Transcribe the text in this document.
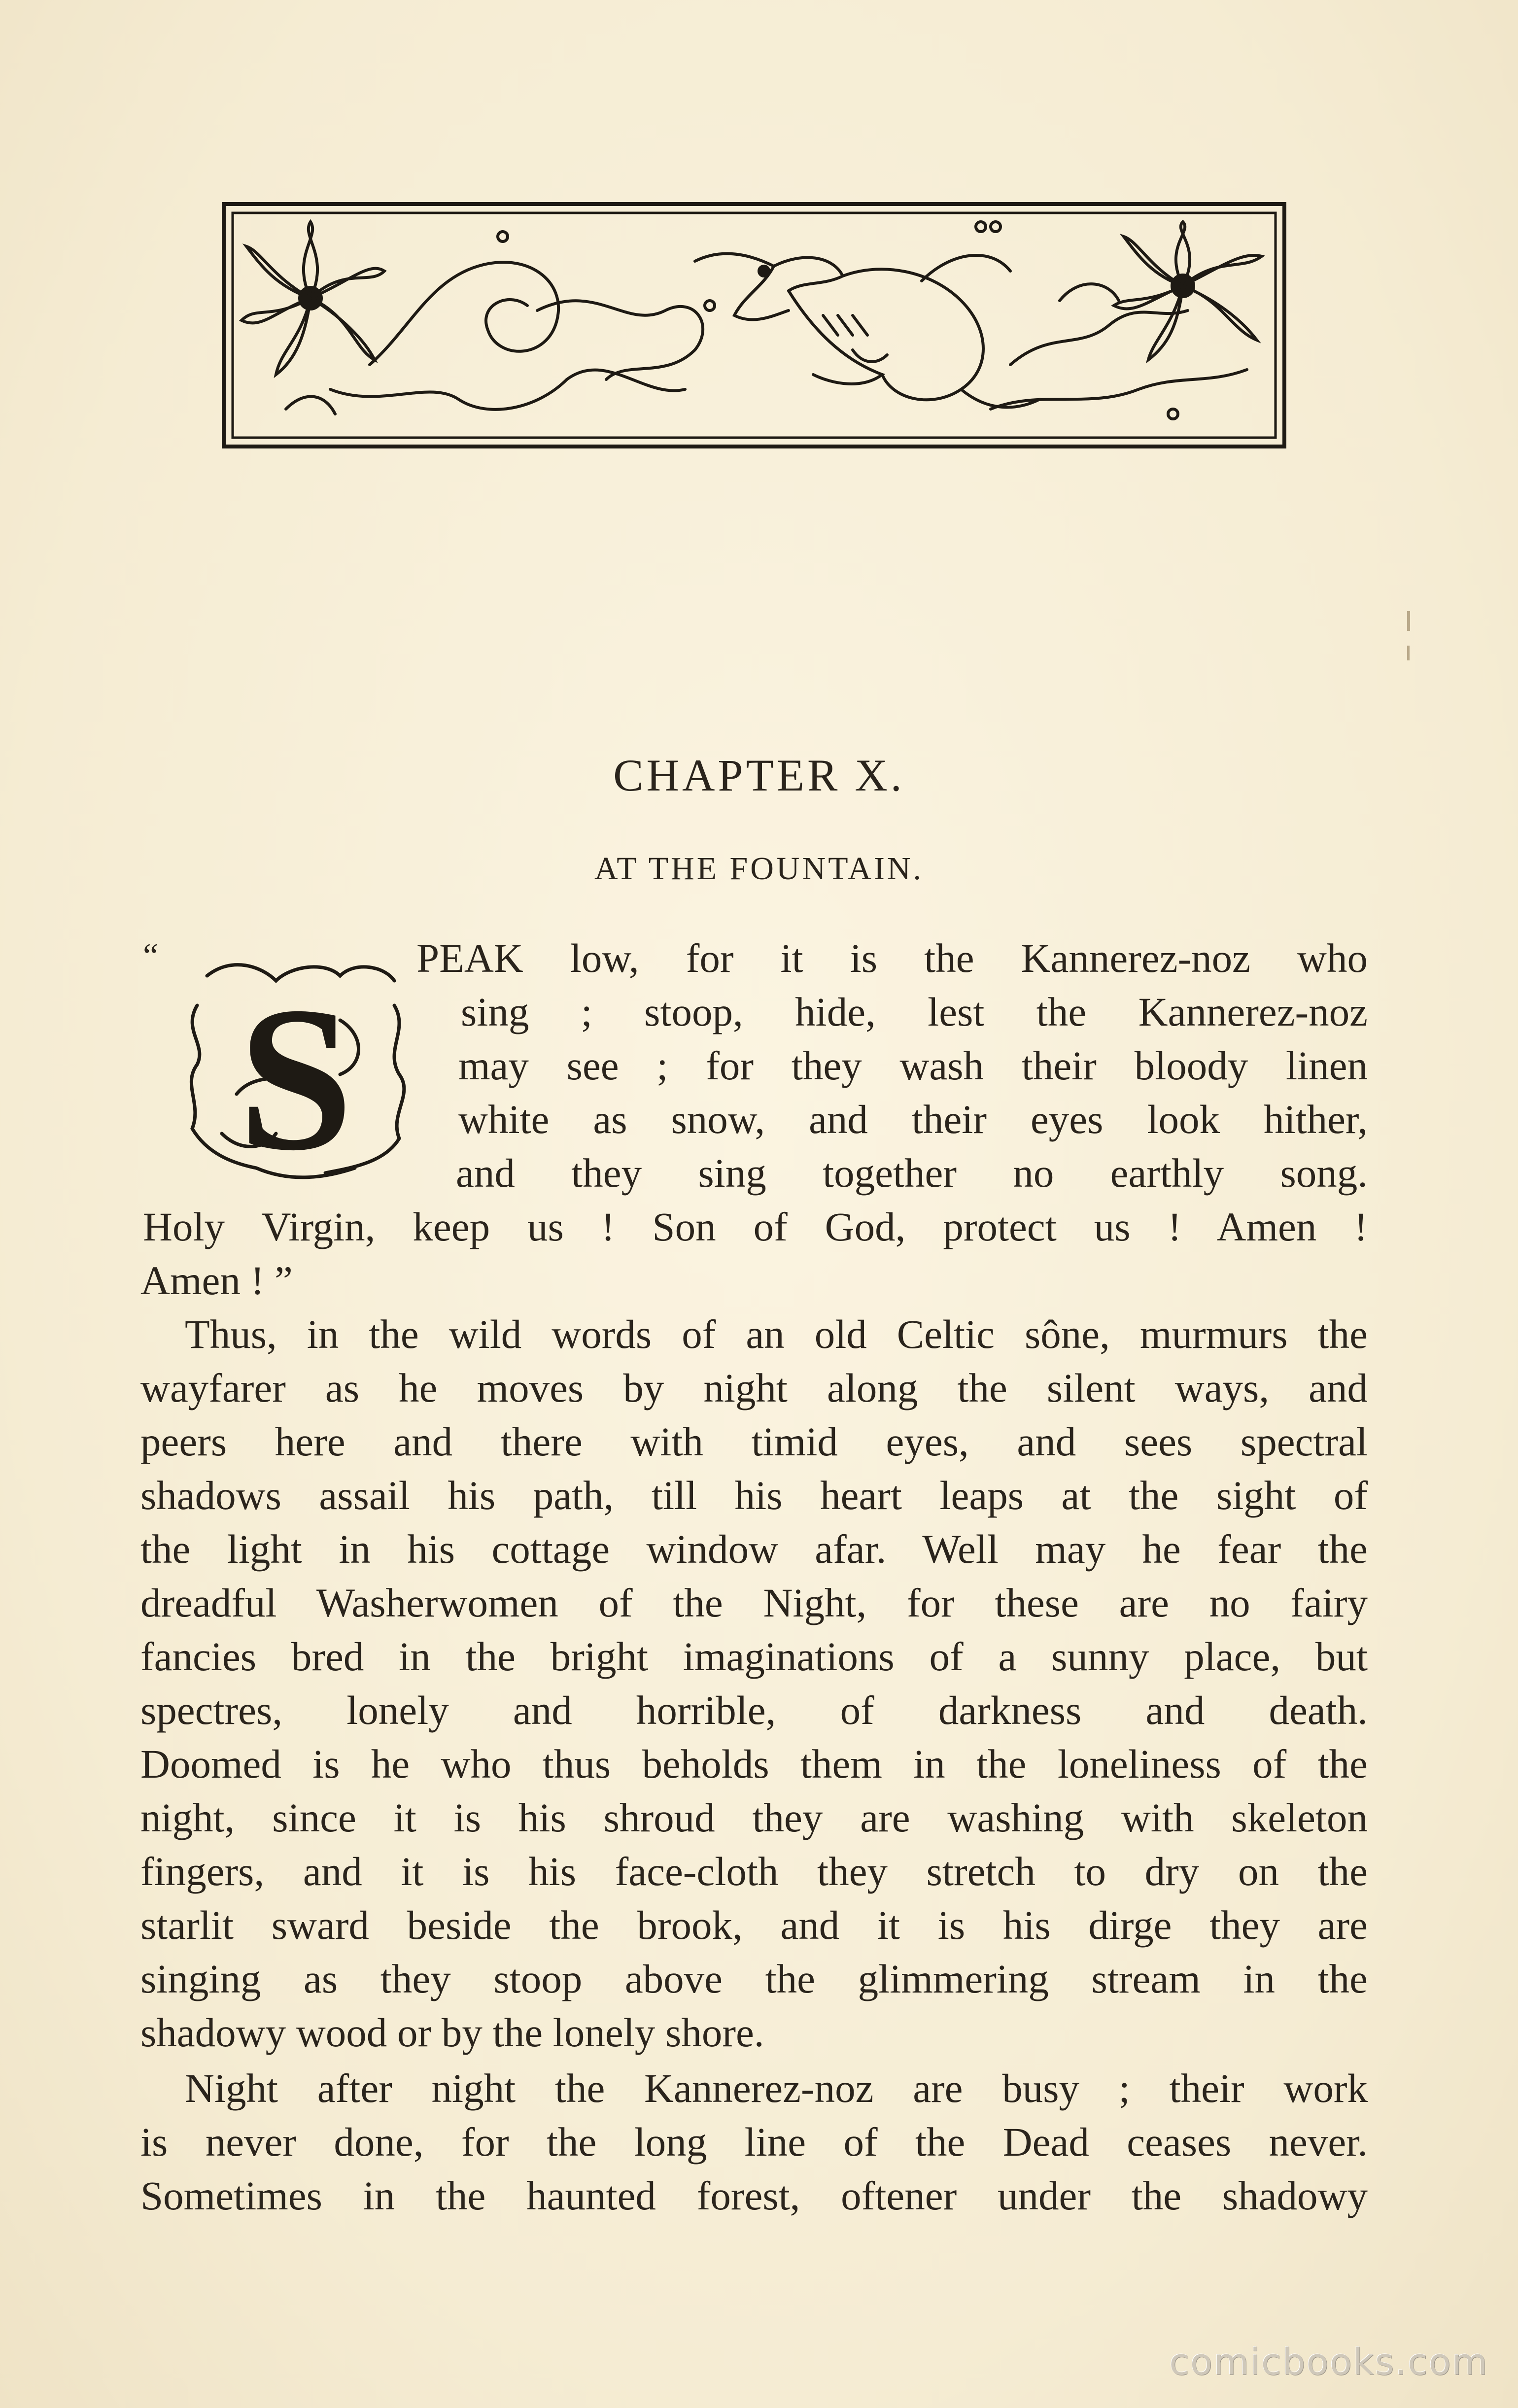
CHAPTER X.
AT THE FOUNTAIN.
“
S
PEAK low, for it is the Kannerez-noz who
sing ; stoop, hide, lest the Kannerez-noz
may see ; for they wash their bloody linen
white as snow, and their eyes look hither,
and they sing together no earthly song.
Holy Virgin, keep us ! Son of God, protect us ! Amen !
Amen ! ”
Thus, in the wild words of an old Celtic sône, murmurs the
wayfarer as he moves by night along the silent ways, and
peers here and there with timid eyes, and sees spectral
shadows assail his path, till his heart leaps at the sight of
the light in his cottage window afar. Well may he fear the
dreadful Washerwomen of the Night, for these are no fairy
fancies bred in the bright imaginations of a sunny place, but
spectres, lonely and horrible, of darkness and death.
Doomed is he who thus beholds them in the loneliness of the
night, since it is his shroud they are washing with skeleton
fingers, and it is his face-cloth they stretch to dry on the
starlit sward beside the brook, and it is his dirge they are
singing as they stoop above the glimmering stream in the
shadowy wood or by the lonely shore.
Night after night the Kannerez-noz are busy ; their work
is never done, for the long line of the Dead ceases never.
Sometimes in the haunted forest, oftener under the shadowy
comicbooks.com
